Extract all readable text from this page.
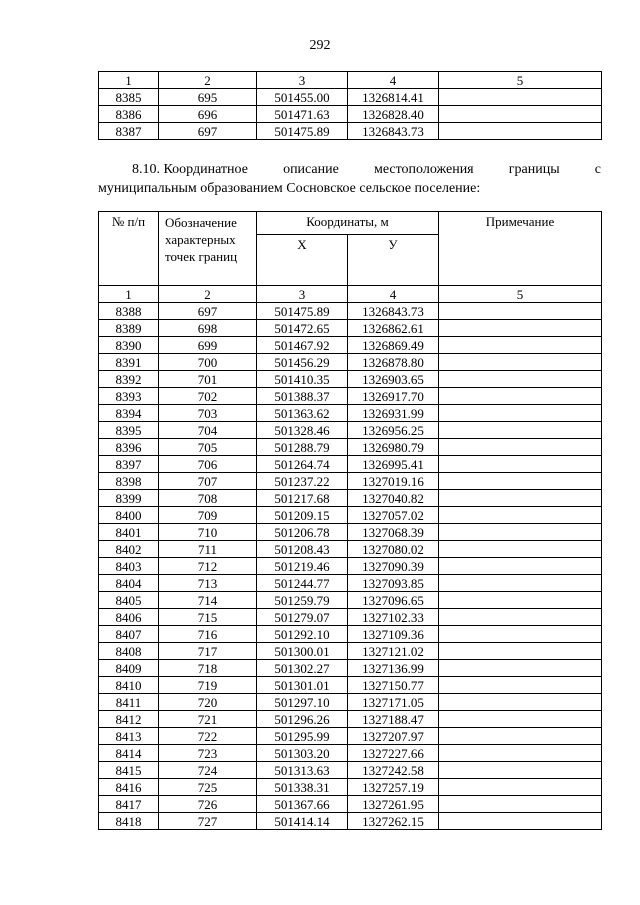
292
1	2	3	4	5
8385	695	501455.00	1326814.41	
8386	696	501471.63	1326828.40	
8387	697	501475.89	1326843.73	
8.10. Координатное	описание	местоположения	границы	с
муниципальным образованием Сосновское сельское поселение:
№ п/п	Обозначение характерных точек границ	Координаты, м		Примечание
		Х	У	
1	2	3	4	5
8388	697	501475.89	1326843.73	
8389	698	501472.65	1326862.61	
8390	699	501467.92	1326869.49	
8391	700	501456.29	1326878.80	
8392	701	501410.35	1326903.65	
8393	702	501388.37	1326917.70	
8394	703	501363.62	1326931.99	
8395	704	501328.46	1326956.25	
8396	705	501288.79	1326980.79	
8397	706	501264.74	1326995.41	
8398	707	501237.22	1327019.16	
8399	708	501217.68	1327040.82	
8400	709	501209.15	1327057.02	
8401	710	501206.78	1327068.39	
8402	711	501208.43	1327080.02	
8403	712	501219.46	1327090.39	
8404	713	501244.77	1327093.85	
8405	714	501259.79	1327096.65	
8406	715	501279.07	1327102.33	
8407	716	501292.10	1327109.36	
8408	717	501300.01	1327121.02	
8409	718	501302.27	1327136.99	
8410	719	501301.01	1327150.77	
8411	720	501297.10	1327171.05	
8412	721	501296.26	1327188.47	
8413	722	501295.99	1327207.97	
8414	723	501303.20	1327227.66	
8415	724	501313.63	1327242.58	
8416	725	501338.31	1327257.19	
8417	726	501367.66	1327261.95	
8418	727	501414.14	1327262.15	
